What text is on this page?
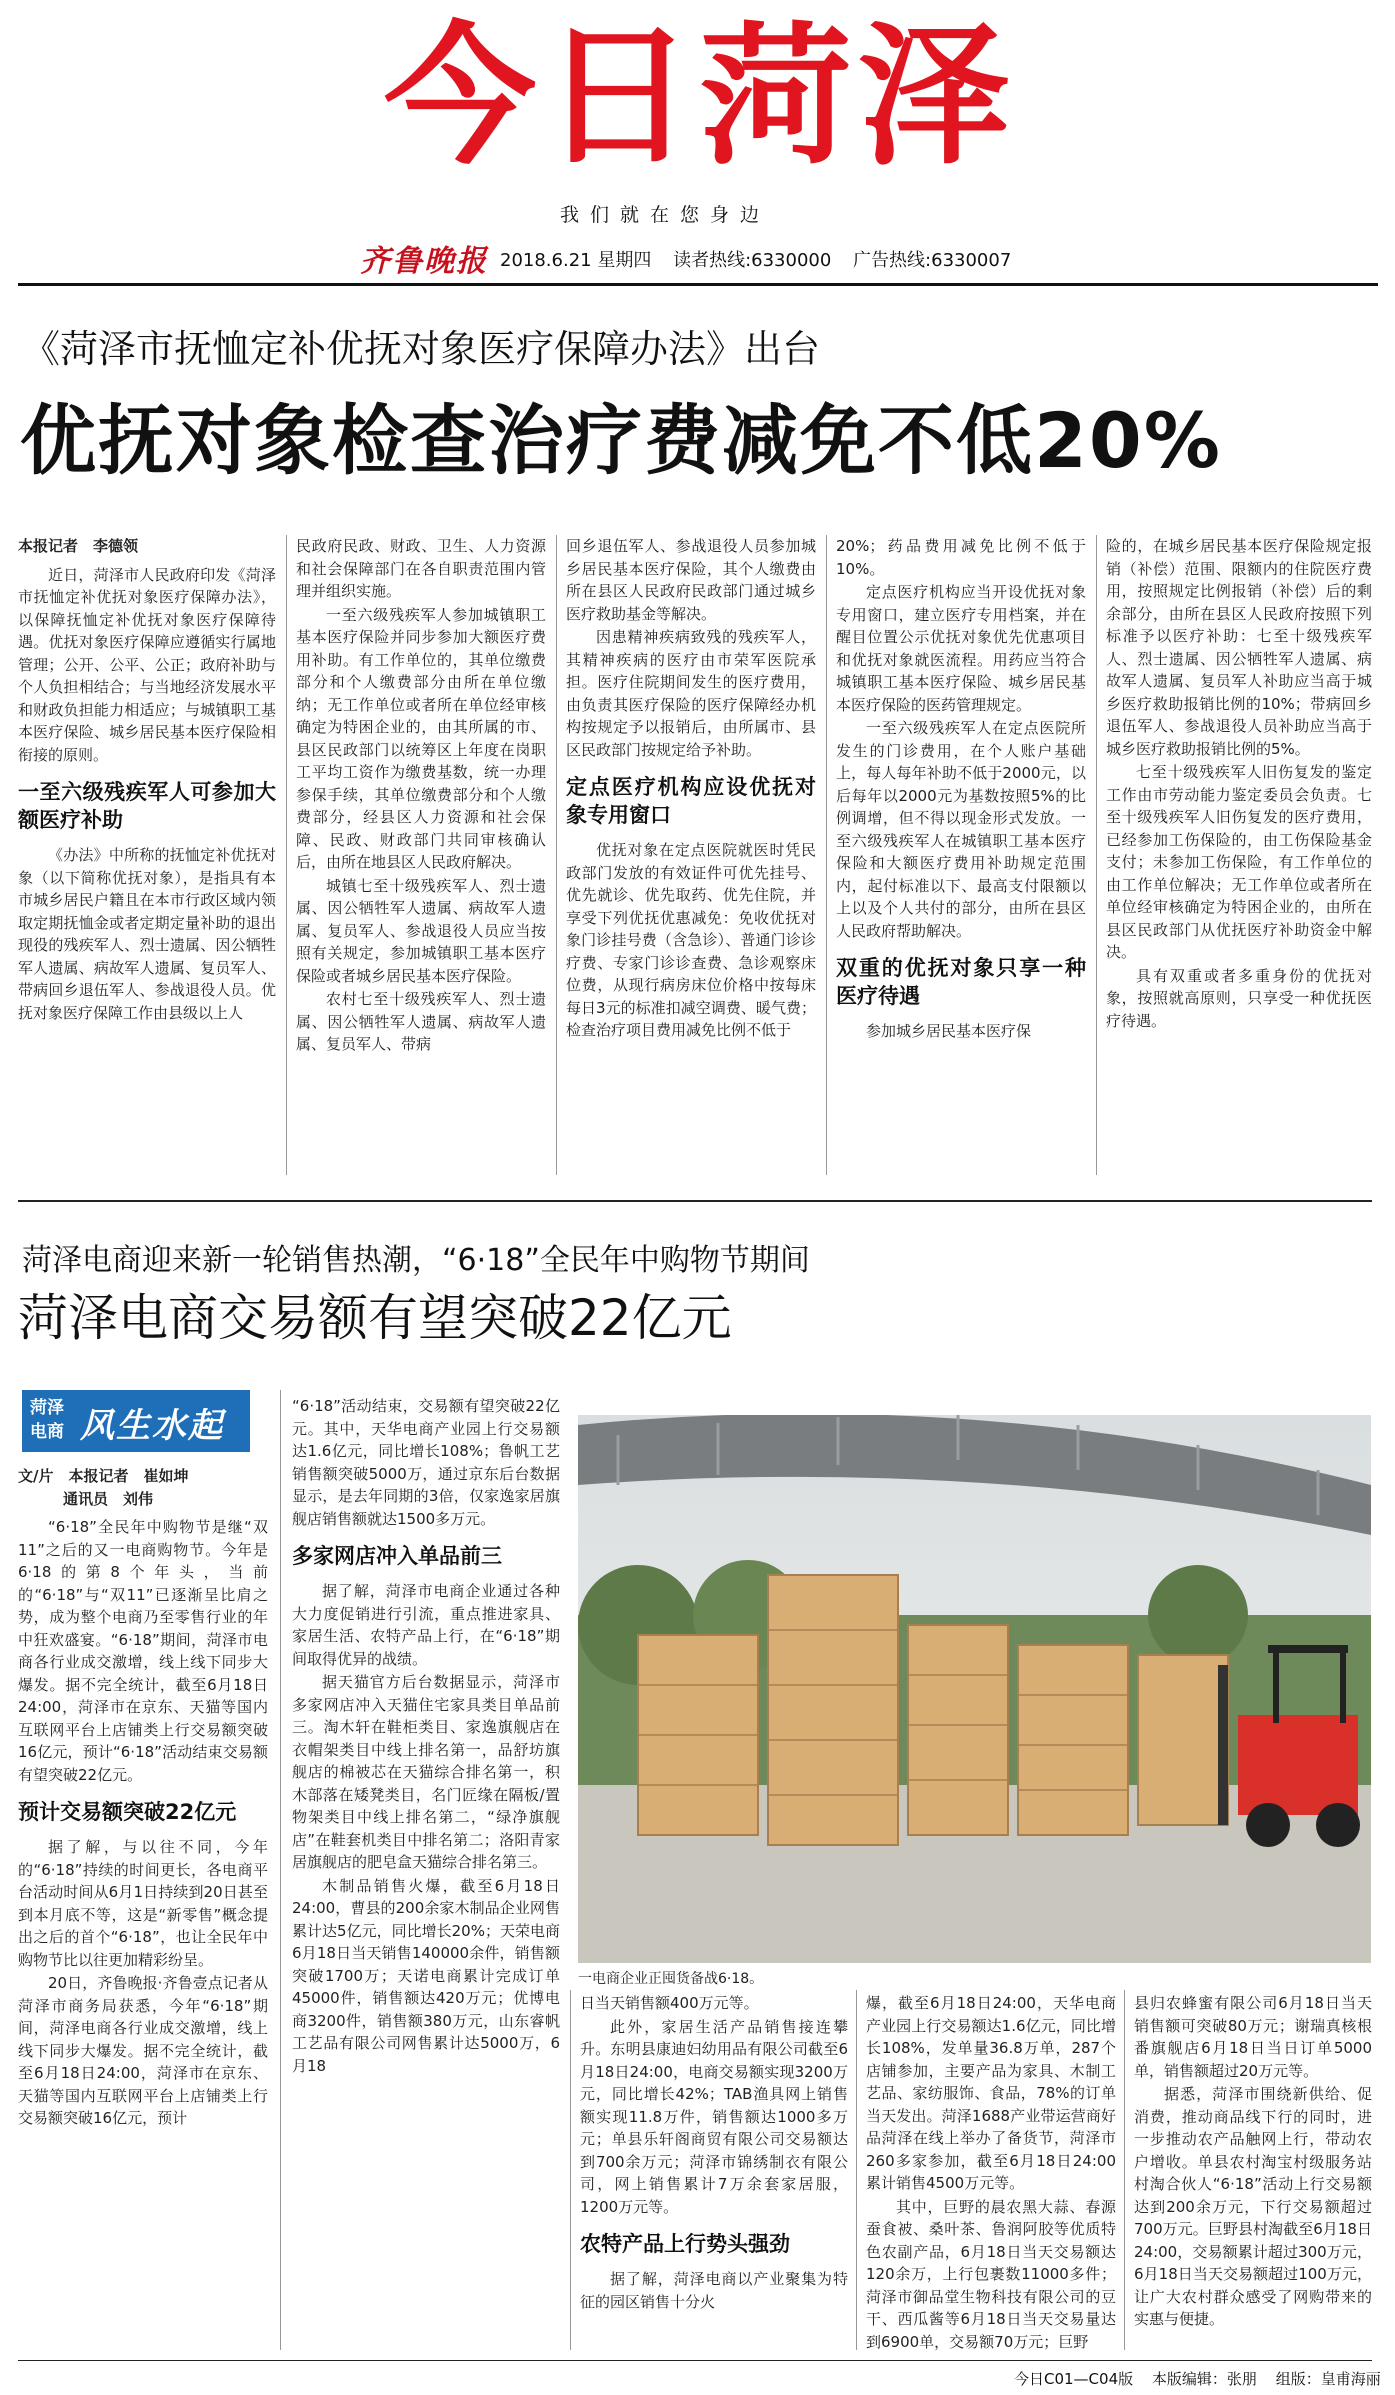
今日菏泽
我们就在您身边
齐鲁晚报 2018.6.21 星期四 读者热线:6330000 广告热线:6330007
《菏泽市抚恤定补优抚对象医疗保障办法》出台
优抚对象检查治疗费减免不低20%
本报记者　李德领

近日，菏泽市人民政府印发《菏泽市抚恤定补优抚对象医疗保障办法》，以保障抚恤定补优抚对象医疗保障待遇。优抚对象医疗保障应遵循实行属地管理；公开、公平、公正；政府补助与个人负担相结合；与当地经济发展水平和财政负担能力相适应；与城镇职工基本医疗保险、城乡居民基本医疗保险相衔接的原则。

一至六级残疾军人可参加大额医疗补助

《办法》中所称的抚恤定补优抚对象（以下简称优抚对象），是指具有本市城乡居民户籍且在本市行政区域内领取定期抚恤金或者定期定量补助的退出现役的残疾军人、烈士遗属、因公牺牲军人遗属、病故军人遗属、复员军人、带病回乡退伍军人、参战退役人员。优抚对象医疗保障工作由县级以上人

民政府民政、财政、卫生、人力资源和社会保障部门在各自职责范围内管理并组织实施。

一至六级残疾军人参加城镇职工基本医疗保险并同步参加大额医疗费用补助。有工作单位的，其单位缴费部分和个人缴费部分由所在单位缴纳；无工作单位或者所在单位经审核确定为特困企业的，由其所属的市、县区民政部门以统筹区上年度在岗职工平均工资作为缴费基数，统一办理参保手续，其单位缴费部分和个人缴费部分，经县区人力资源和社会保障、民政、财政部门共同审核确认后，由所在地县区人民政府解决。

城镇七至十级残疾军人、烈士遗属、因公牺牲军人遗属、病故军人遗属、复员军人、参战退役人员应当按照有关规定，参加城镇职工基本医疗保险或者城乡居民基本医疗保险。

农村七至十级残疾军人、烈士遗属、因公牺牲军人遗属、病故军人遗属、复员军人、带病

回乡退伍军人、参战退役人员参加城乡居民基本医疗保险，其个人缴费由所在县区人民政府民政部门通过城乡医疗救助基金等解决。

因患精神疾病致残的残疾军人，其精神疾病的医疗由市荣军医院承担。医疗住院期间发生的医疗费用，由负责其医疗保险的医疗保障经办机构按规定予以报销后，由所属市、县区民政部门按规定给予补助。

定点医疗机构应设优抚对象专用窗口

优抚对象在定点医院就医时凭民政部门发放的有效证件可优先挂号、优先就诊、优先取药、优先住院，并享受下列优抚优惠减免：免收优抚对象门诊挂号费（含急诊）、普通门诊诊疗费、专家门诊诊查费、急诊观察床位费，从现行病房床位价格中按每床每日3元的标准扣减空调费、暖气费；检查治疗项目费用减免比例不低于

20%；药品费用减免比例不低于10%。

定点医疗机构应当开设优抚对象专用窗口，建立医疗专用档案，并在醒目位置公示优抚对象优先优惠项目和优抚对象就医流程。用药应当符合城镇职工基本医疗保险、城乡居民基本医疗保险的医药管理规定。

一至六级残疾军人在定点医院所发生的门诊费用，在个人账户基础上，每人每年补助不低于2000元，以后每年以2000元为基数按照5%的比例调增，但不得以现金形式发放。一至六级残疾军人在城镇职工基本医疗保险和大额医疗费用补助规定范围内，起付标准以下、最高支付限额以上以及个人共付的部分，由所在县区人民政府帮助解决。

双重的优抚对象只享一种医疗待遇

参加城乡居民基本医疗保

险的，在城乡居民基本医疗保险规定报销（补偿）范围、限额内的住院医疗费用，按照规定比例报销（补偿）后的剩余部分，由所在县区人民政府按照下列标准予以医疗补助：七至十级残疾军人、烈士遗属、因公牺牲军人遗属、病故军人遗属、复员军人补助应当高于城乡医疗救助报销比例的10%；带病回乡退伍军人、参战退役人员补助应当高于城乡医疗救助报销比例的5%。

七至十级残疾军人旧伤复发的鉴定工作由市劳动能力鉴定委员会负责。七至十级残疾军人旧伤复发的医疗费用，已经参加工伤保险的，由工伤保险基金支付；未参加工伤保险，有工作单位的由工作单位解决；无工作单位或者所在单位经审核确定为特困企业的，由所在县区民政部门从优抚医疗补助资金中解决。

具有双重或者多重身份的优抚对象，按照就高原则，只享受一种优抚医疗待遇。

菏泽电商迎来新一轮销售热潮，“6·18”全民年中购物节期间
菏泽电商交易额有望突破22亿元
菏泽电商 风生水起
文/片　本报记者　崔如坤
　　　通讯员　刘伟

“6·18”全民年中购物节是继“双11”之后的又一电商购物节。今年是6·18的第8个年头，当前的“6·18”与“双11”已逐渐呈比肩之势，成为整个电商乃至零售行业的年中狂欢盛宴。“6·18”期间，菏泽市电商各行业成交激增，线上线下同步大爆发。据不完全统计，截至6月18日24:00，菏泽市在京东、天猫等国内互联网平台上店铺类上行交易额突破16亿元，预计“6·18”活动结束交易额有望突破22亿元。

预计交易额突破22亿元

据了解，与以往不同，今年的“6·18”持续的时间更长，各电商平台活动时间从6月1日持续到20日甚至到本月底不等，这是“新零售”概念提出之后的首个“6·18”，也让全民年中购物节比以往更加精彩纷呈。

20日，齐鲁晚报·齐鲁壹点记者从菏泽市商务局获悉，今年“6·18”期间，菏泽电商各行业成交激增，线上线下同步大爆发。据不完全统计，截至6月18日24:00，菏泽市在京东、天猫等国内互联网平台上店铺类上行交易额突破16亿元，预计

“6·18”活动结束，交易额有望突破22亿元。其中，天华电商产业园上行交易额达1.6亿元，同比增长108%；鲁帆工艺销售额突破5000万，通过京东后台数据显示，是去年同期的3倍，仅家逸家居旗舰店销售额就达1500多万元。

多家网店冲入单品前三

据了解，菏泽市电商企业通过各种大力度促销进行引流，重点推进家具、家居生活、农特产品上行，在“6·18”期间取得优异的战绩。

据天猫官方后台数据显示，菏泽市多家网店冲入天猫住宅家具类目单品前三。淘木轩在鞋柜类目、家逸旗舰店在衣帽架类目中线上排名第一，品舒坊旗舰店的棉被芯在天猫综合排名第一，积木部落在矮凳类目，名门匠缘在隔板/置物架类目中线上排名第二，“绿净旗舰店”在鞋套机类目中排名第二；洛阳青家居旗舰店的肥皂盒天猫综合排名第三。

木制品销售火爆，截至6月18日24:00，曹县的200余家木制品企业网售累计达5亿元，同比增长20%；天荣电商6月18日当天销售140000余件，销售额突破1700万；天诺电商累计完成订单45000件，销售额达420万元；优博电商3200件，销售额380万元，山东睿帆工艺品有限公司网售累计达5000万，6月18

一电商企业正囤货备战6·18。

日当天销售额400万元等。

此外，家居生活产品销售接连攀升。东明县康迪妇幼用品有限公司截至6月18日24:00，电商交易额实现3200万元，同比增长42%；TAB渔具网上销售额实现11.8万件，销售额达1000多万元；单县乐轩阁商贸有限公司交易额达到700余万元；菏泽市锦绣制衣有限公司，网上销售累计7万余套家居服，1200万元等。

农特产品上行势头强劲

据了解，菏泽电商以产业聚集为特征的园区销售十分火

爆，截至6月18日24:00，天华电商产业园上行交易额达1.6亿元，同比增长108%，发单量36.8万单，287个店铺参加，主要产品为家具、木制工艺品、家纺服饰、食品，78%的订单当天发出。菏泽1688产业带运营商好品菏泽在线上举办了备货节，菏泽市260多家参加，截至6月18日24:00累计销售4500万元等。

其中，巨野的晨农黑大蒜、春源蚕食被、桑叶茶、鲁润阿胶等优质特色农副产品，6月18日当天交易额达120余万，上行包裹数11000多件；菏泽市御品堂生物科技有限公司的豆干、西瓜酱等6月18日当天交易量达到6900单，交易额70万元；巨野

县归农蜂蜜有限公司6月18日当天销售额可突破80万元；谢瑞真核根番旗舰店6月18日当日订单5000单，销售额超过20万元等。

据悉，菏泽市围绕新供给、促消费，推动商品线下行的同时，进一步推动农产品触网上行，带动农户增收。单县农村淘宝村级服务站村淘合伙人“6·18”活动上行交易额达到200余万元，下行交易额超过700万元。巨野县村淘截至6月18日24:00，交易额累计超过300万元，6月18日当天交易额超过100万元，让广大农村群众感受了网购带来的实惠与便捷。

今日C01—C04版 本版编辑：张朋 组版：皇甫海丽
